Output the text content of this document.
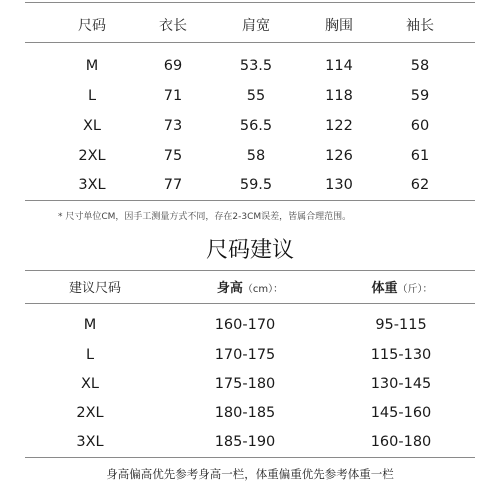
尺码	衣长	肩宽	胸围	袖长
M	69	53.5	114	58
L	71	55	118	59
XL	73	56.5	122	60
2XL	75	58	126	61
3XL	77	59.5	130	62
* 尺寸单位CM，因手工测量方式不同，存在2-3CM误差，皆属合理范围。
尺码建议
建议尺码	身高（cm）：	体重（斤）：
M	160-170	95-115
L	170-175	115-130
XL	175-180	130-145
2XL	180-185	145-160
3XL	185-190	160-180
身高偏高优先参考身高一栏，体重偏重优先参考体重一栏
